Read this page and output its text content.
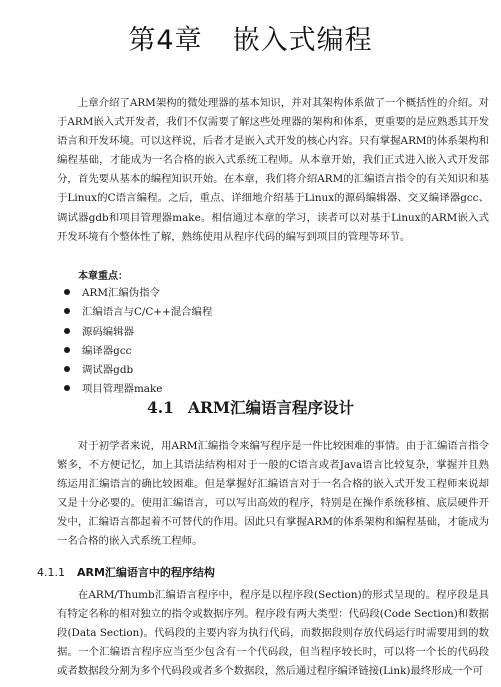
第4章 嵌入式编程

上章介绍了ARM架构的微处理器的基本知识，并对其架构体系做了一个概括性的介绍。对于ARM嵌入式开发者，我们不仅需要了解这些处理器的架构和体系，更重要的是应熟悉其开发语言和开发环境。可以这样说，后者才是嵌入式开发的核心内容。只有掌握ARM的体系架构和编程基础，才能成为一名合格的嵌入式系统工程师。从本章开始，我们正式进入嵌入式开发部分，首先要从基本的编程知识开始。在本章，我们将介绍ARM的汇编语言指令的有关知识和基于Linux的C语言编程。之后，重点、详细地介绍基于Linux的源码编辑器、交叉编译器gcc、调试器gdb和项目管理器make。相信通过本章的学习，读者可以对基于Linux的ARM嵌入式开发环境有个整体性了解，熟练使用从程序代码的编写到项目的管理等环节。

本章重点：

ARM汇编伪指令
汇编语言与C/C++混合编程
源码编辑器
编译器gcc
调试器gdb
项目管理器make
4.1 ARM汇编语言程序设计

对于初学者来说，用ARM汇编指令来编写程序是一件比较困难的事情。由于汇编语言指令繁多，不方便记忆，加上其语法结构相对于一般的C语言或者Java语言比较复杂，掌握并且熟练运用汇编语言的确比较困难。但是掌握好汇编语言对于一名合格的嵌入式开发工程师来说却又是十分必要的。使用汇编语言，可以写出高效的程序，特别是在操作系统移植、底层硬件开发中，汇编语言都起着不可替代的作用。因此只有掌握ARM的体系架构和编程基础，才能成为一名合格的嵌入式系统工程师。

4.1.1 ARM汇编语言中的程序结构

在ARM/Thumb汇编语言程序中，程序是以程序段(Section)的形式呈现的。程序段是具有特定名称的相对独立的指令或数据序列。程序段有两大类型：代码段(Code Section)和数据段(Data Section)。代码段的主要内容为执行代码，而数据段则存放代码运行时需要用到的数据。一个汇编语言程序应当至少包含有一个代码段，但当程序较长时，可以将一个长的代码段或者数据段分割为多个代码段或者多个数据段，然后通过程序编译链接(Link)最终形成一个可
